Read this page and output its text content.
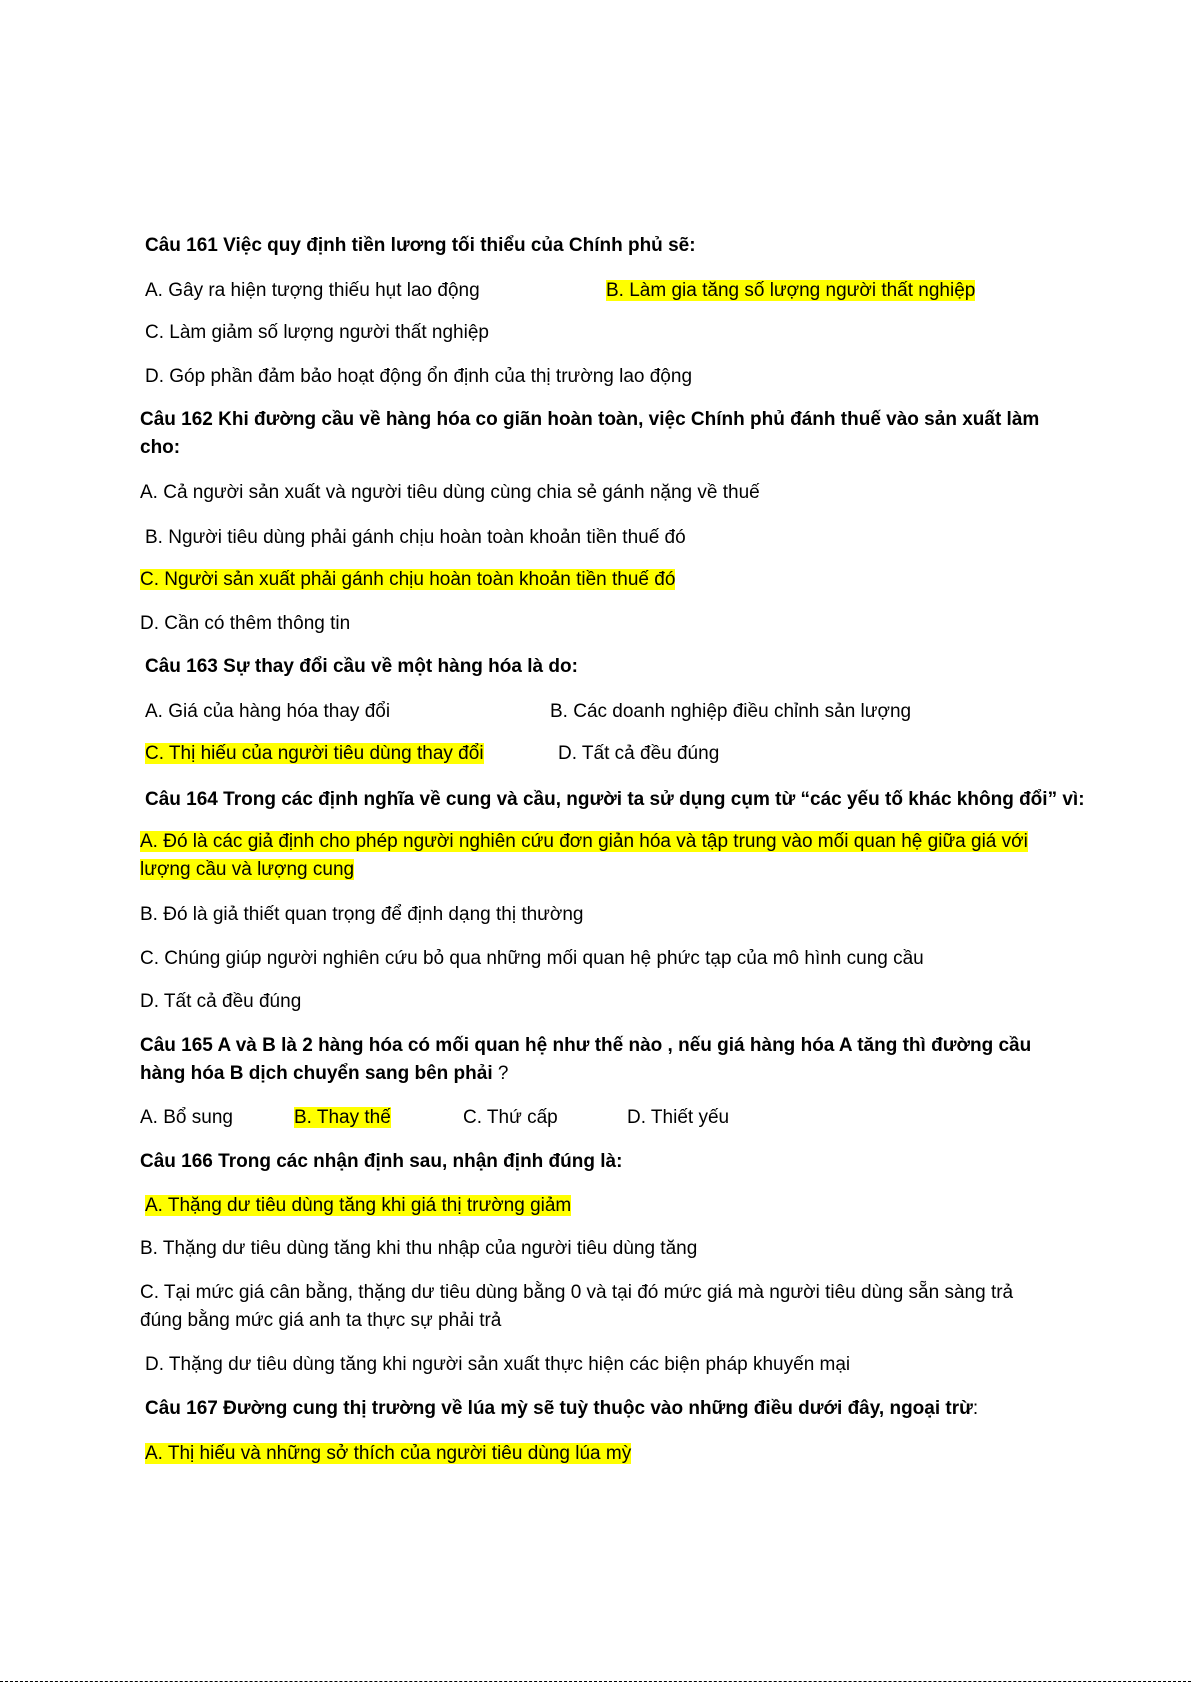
Câu 161 Việc quy định tiền lương tối thiểu của Chính phủ sẽ:
A. Gây ra hiện tượng thiếu hụt lao động	B. Làm gia tăng số lượng người thất nghiệp
C. Làm giảm số lượng người thất nghiệp
D. Góp phần đảm bảo hoạt động ổn định của thị trường lao động
Câu 162 Khi đường cầu về hàng hóa co giãn hoàn toàn, việc Chính phủ đánh thuế vào sản xuất làm cho:
A. Cả người sản xuất và người tiêu dùng cùng chia sẻ gánh nặng về thuế
B. Người tiêu dùng phải gánh chịu hoàn toàn khoản tiền thuế đó
C. Người sản xuất phải gánh chịu hoàn toàn khoản tiền thuế đó
D. Cần có thêm thông tin
Câu 163 Sự thay đổi cầu về một hàng hóa là do:
A. Giá của hàng hóa thay đổi	B. Các doanh nghiệp điều chỉnh sản lượng
C. Thị hiếu của người tiêu dùng thay đổi	D. Tất cả đều đúng
Câu 164 Trong các định nghĩa về cung và cầu, người ta sử dụng cụm từ “các yếu tố khác không đổi” vì:
A. Đó là các giả định cho phép người nghiên cứu đơn giản hóa và tập trung vào mối quan hệ giữa giá với lượng cầu và lượng cung
B. Đó là giả thiết quan trọng để định dạng thị thường
C. Chúng giúp người nghiên cứu bỏ qua những mối quan hệ phức tạp của mô hình cung cầu
D. Tất cả đều đúng
Câu 165 A và B là 2 hàng hóa có mối quan hệ như thế nào , nếu giá hàng hóa A tăng thì đường cầu hàng hóa B dịch chuyển sang bên phải ?
A. Bổ sung	B. Thay thế	C. Thứ cấp	D. Thiết yếu
Câu 166 Trong các nhận định sau, nhận định đúng là:
A. Thặng dư tiêu dùng tăng khi giá thị trường giảm
B. Thặng dư tiêu dùng tăng khi thu nhập của người tiêu dùng tăng
C. Tại mức giá cân bằng, thặng dư tiêu dùng bằng 0 và tại đó mức giá mà người tiêu dùng sẵn sàng trả đúng bằng mức giá anh ta thực sự phải trả
D. Thặng dư tiêu dùng tăng khi người sản xuất thực hiện các biện pháp khuyến mại
Câu 167 Đường cung thị trường về lúa mỳ sẽ tuỳ thuộc vào những điều dưới đây, ngoại trừ:
A. Thị hiếu và những sở thích của người tiêu dùng lúa mỳ
